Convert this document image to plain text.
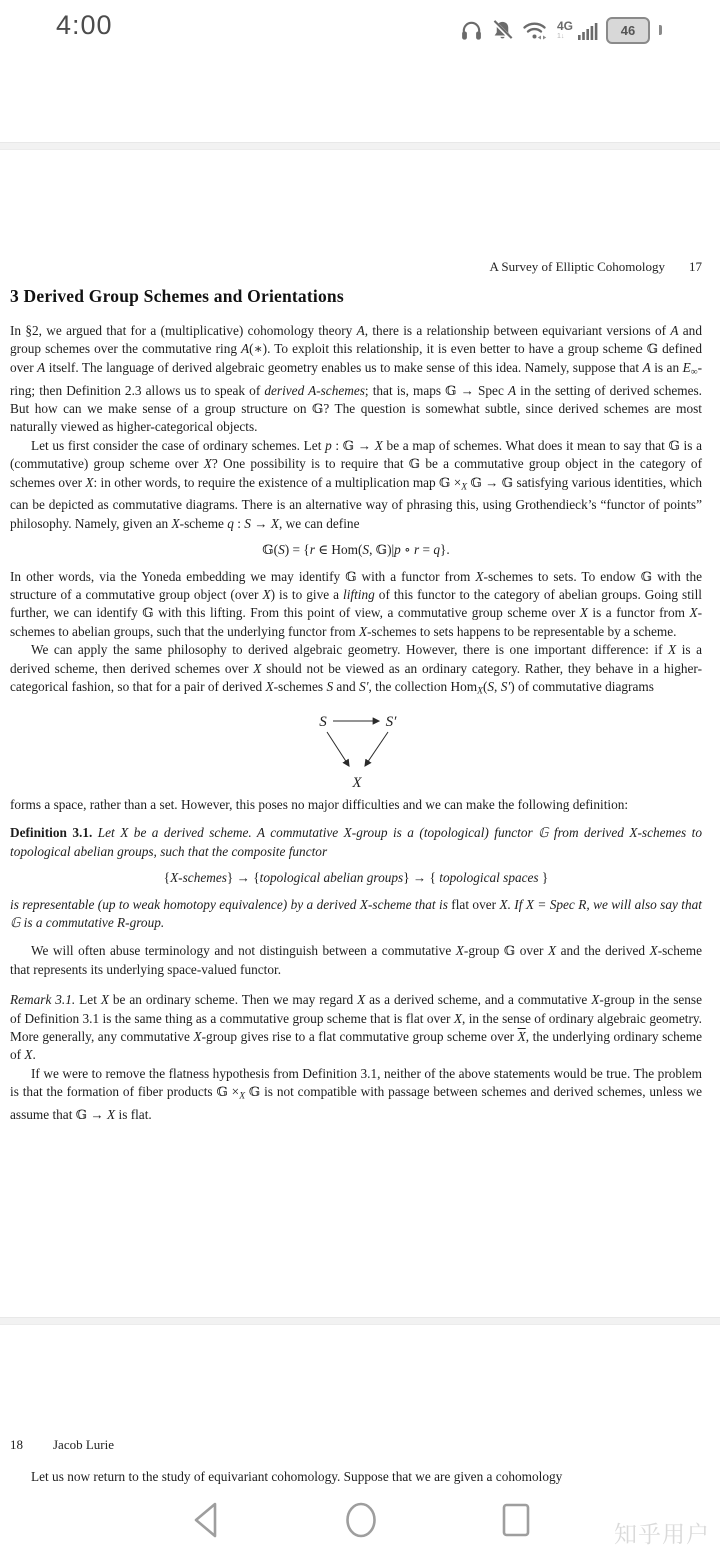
4:00	4G
1↓	46
A Survey of Elliptic Cohomology 17
3 Derived Group Schemes and Orientations
In §2, we argued that for a (multiplicative) cohomology theory A, there is a relationship between equivariant versions of A and group schemes over the commutative ring A(∗). To exploit this relationship, it is even better to have a group scheme 𝔾 defined over A itself. The language of derived algebraic geometry enables us to make sense of this idea. Namely, suppose that A is an E∞-ring; then Definition 2.3 allows us to speak of derived A-schemes; that is, maps 𝔾 → Spec A in the setting of derived schemes. But how can we make sense of a group structure on 𝔾? The question is somewhat subtle, since derived schemes are most naturally viewed as higher-categorical objects.
Let us first consider the case of ordinary schemes. Let p : 𝔾 → X be a map of schemes. What does it mean to say that 𝔾 is a (commutative) group scheme over X? One possibility is to require that 𝔾 be a commutative group object in the category of schemes over X: in other words, to require the existence of a multiplication map 𝔾 ×X 𝔾 → 𝔾 satisfying various identities, which can be depicted as commutative diagrams. There is an alternative way of phrasing this, using Grothendieck’s “functor of points” philosophy. Namely, given an X-scheme q : S → X, we can define
𝔾(S) = {r ∈ Hom(S, 𝔾)|p ∘ r = q}.
In other words, via the Yoneda embedding we may identify 𝔾 with a functor from X-schemes to sets. To endow 𝔾 with the structure of a commutative group object (over X) is to give a lifting of this functor to the category of abelian groups. Going still further, we can identify 𝔾 with this lifting. From this point of view, a commutative group scheme over X is a functor from X-schemes to abelian groups, such that the underlying functor from X-schemes to sets happens to be representable by a scheme.
We can apply the same philosophy to derived algebraic geometry. However, there is one important difference: if X is a derived scheme, then derived schemes over X should not be viewed as an ordinary category. Rather, they behave in a higher-categorical fashion, so that for a pair of derived X-schemes S and S′, the collection HomX(S, S′) of commutative diagrams
S	S′
X
forms a space, rather than a set. However, this poses no major difficulties and we can make the following definition:
Definition 3.1. Let X be a derived scheme. A commutative X-group is a (topological) functor 𝔾 from derived X-schemes to topological abelian groups, such that the composite functor
{X-schemes} → {topological abelian groups} → { topological spaces }
is representable (up to weak homotopy equivalence) by a derived X-scheme that is flat over X. If X = Spec R, we will also say that 𝔾 is a commutative R-group.
We will often abuse terminology and not distinguish between a commutative X-group 𝔾 over X and the derived X-scheme that represents its underlying space-valued functor.
Remark 3.1. Let X be an ordinary scheme. Then we may regard X as a derived scheme, and a commutative X-group in the sense of Definition 3.1 is the same thing as a commutative group scheme that is flat over X, in the sense of ordinary algebraic geometry. More generally, any commutative X-group gives rise to a flat commutative group scheme over $\overline{X}$, the underlying ordinary scheme of X.
If we were to remove the flatness hypothesis from Definition 3.1, neither of the above statements would be true. The problem is that the formation of fiber products 𝔾 ×X 𝔾 is not compatible with passage between schemes and derived schemes, unless we assume that 𝔾 → X is flat.
18 Jacob Lurie
Let us now return to the study of equivariant cohomology. Suppose that we are given a cohomology
知乎用户
